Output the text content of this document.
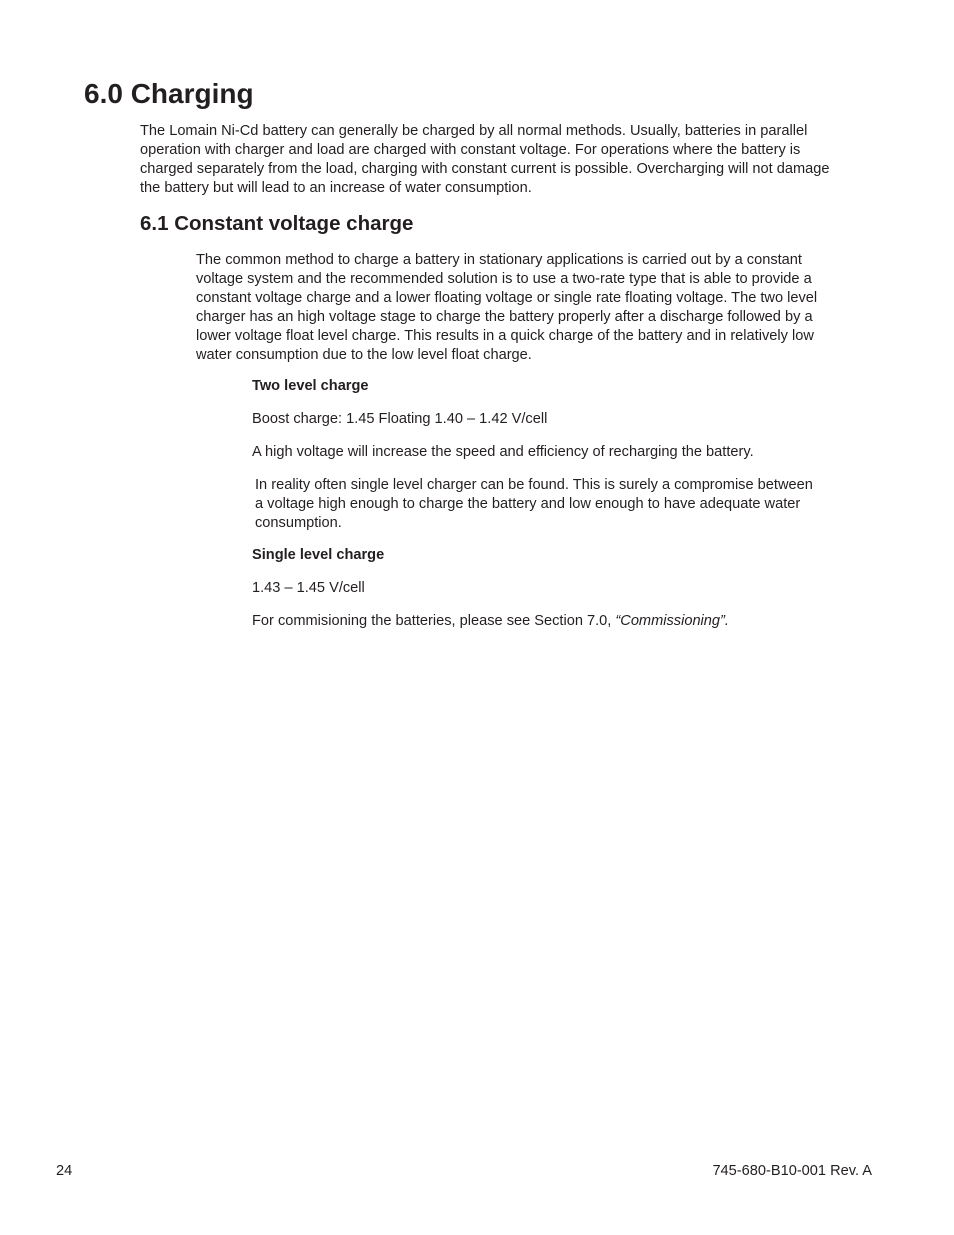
6.0 Charging

The Lomain Ni-Cd battery can generally be charged by all normal methods. Usually, batteries in parallel operation with charger and load are charged with constant voltage. For operations where the battery is charged separately from the load, charging with constant current is possible. Overcharging will not damage the battery but will lead to an increase of water consumption.

6.1 Constant voltage charge

The common method to charge a battery in stationary applications is carried out by a constant voltage system and the recommended solution is to use a two-rate type that is able to provide a constant voltage charge and a lower floating voltage or single rate floating voltage. The two level charger has an high voltage stage to charge the battery properly after a discharge followed by a lower voltage float level charge. This results in a quick charge of the battery and in relatively low water consumption due to the low level float charge.

Two level charge

Boost charge: 1.45 Floating 1.40 – 1.42 V/cell

A high voltage will increase the speed and efficiency of recharging the battery.

In reality often single level charger can be found. This is surely a compromise between a voltage high enough to charge the battery and low enough to have adequate water consumption.

Single level charge

1.43 – 1.45 V/cell

For commisioning the batteries, please see Section 7.0, “Commissioning”.

24	745-680-B10-001 Rev. A
